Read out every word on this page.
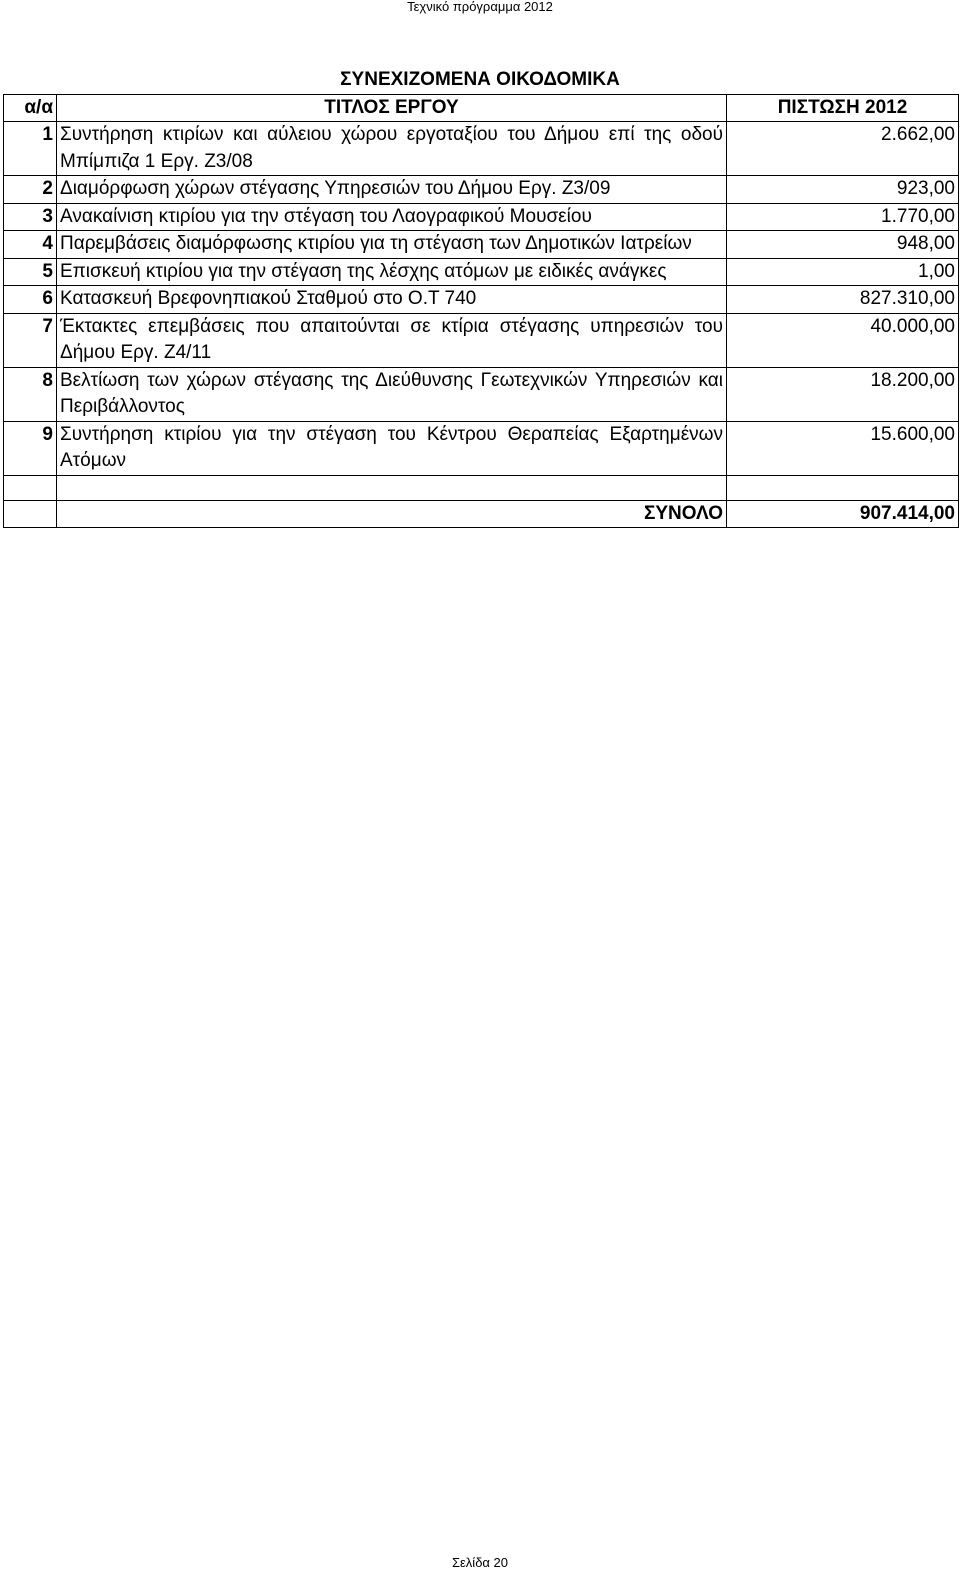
Τεχνικό πρόγραμμα 2012
ΣΥΝΕΧΙΖΟΜΕΝΑ ΟΙΚΟΔΟΜΙΚΑ
α/α	ΤΙΤΛΟΣ ΕΡΓΟΥ	ΠΙΣΤΩΣΗ 2012
1	Συντήρηση κτιρίων και αύλειου χώρου εργοταξίου του Δήμου επί της οδού Μπίμπιζα 1 Εργ. Ζ3/08	2.662,00
2	Διαμόρφωση χώρων στέγασης Υπηρεσιών του Δήμου Εργ. Ζ3/09	923,00
3	Ανακαίνιση κτιρίου για την στέγαση του Λαογραφικού Μουσείου	1.770,00
4	Παρεμβάσεις διαμόρφωσης κτιρίου για τη στέγαση των Δημοτικών Ιατρείων	948,00
5	Επισκευή κτιρίου για την στέγαση της λέσχης ατόμων με ειδικές ανάγκες	1,00
6	Κατασκευή Βρεφονηπιακού Σταθμού στο Ο.Τ 740	827.310,00
7	Έκτακτες επεμβάσεις που απαιτούνται σε κτίρια στέγασης υπηρεσιών του Δήμου Εργ. Ζ4/11	40.000,00
8	Βελτίωση των χώρων στέγασης της Διεύθυνσης Γεωτεχνικών Υπηρεσιών και Περιβάλλοντος	18.200,00
9	Συντήρηση κτιρίου για την στέγαση του Κέντρου Θεραπείας Εξαρτημένων Ατόμων	15.600,00

	ΣΥΝΟΛΟ	907.414,00
Σελίδα 20
